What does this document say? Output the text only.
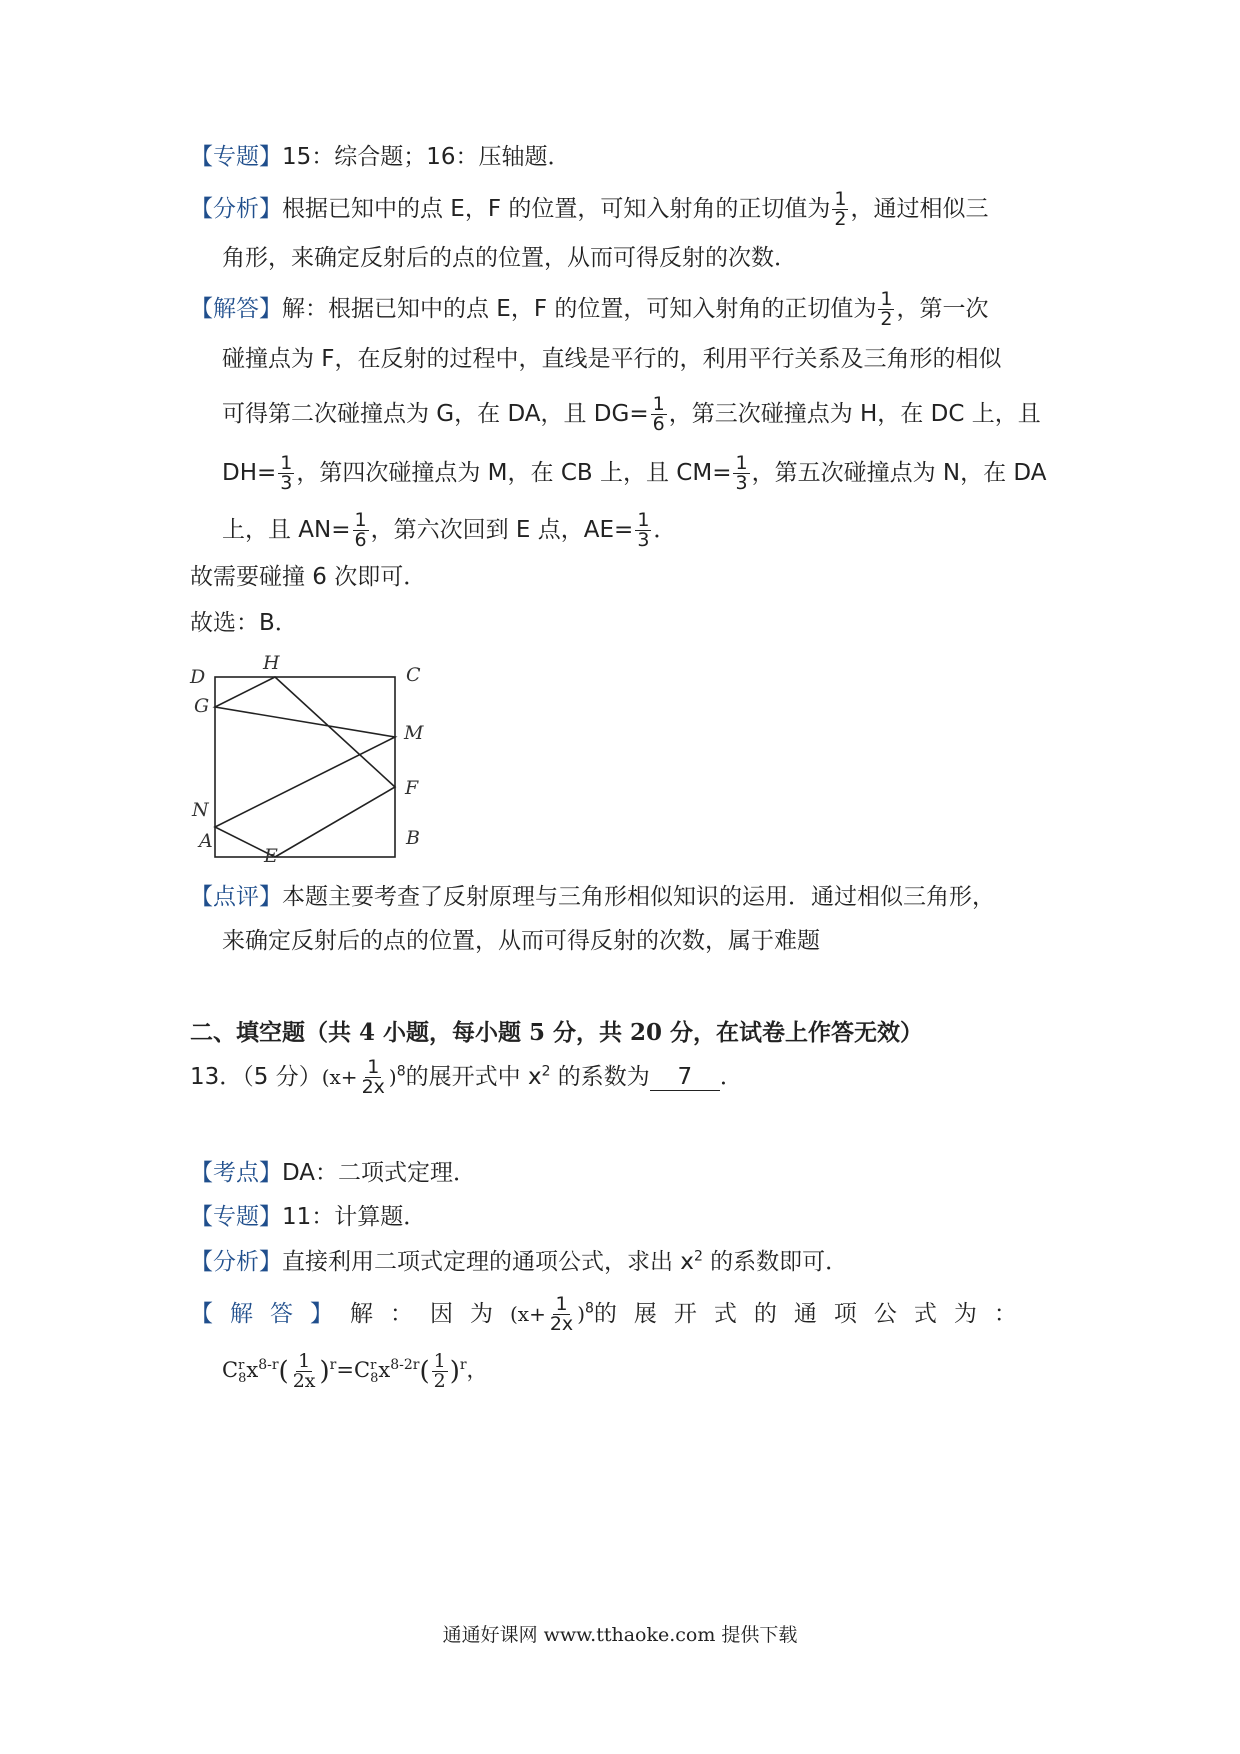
【专题】15：综合题；16：压轴题．
【分析】根据已知中的点 E，F 的位置，可知入射角的正切值为 $\frac{1}{2}$ ，通过相似三
角形，来确定反射后的点的位置，从而可得反射的次数．
【解答】解：根据已知中的点 E，F 的位置，可知入射角的正切值为 $\frac{1}{2}$ ，第一次
碰撞点为 F，在反射的过程中，直线是平行的，利用平行关系及三角形的相似
可得第二次碰撞点为 G，在 DA，且 $DG= \frac{1}{6}$ ，第三次碰撞点为 H，在 DC 上，且
$DH= \frac{1}{3}$ ，第四次碰撞点为 M，在 CB 上，且 $CM= \frac{1}{3}$ ，第五次碰撞点为 N，在 DA
上，且 $AN= \frac{1}{6}$ ，第六次回到 E 点，$AE= \frac{1}{3}$ ．
故需要碰撞 6 次即可．
故选：B．
D
H
C
G
M
F
N
A	B
E
【点评】本题主要考查了反射原理与三角形相似知识的运用．通过相似三角形，
来确定反射后的点的位置，从而可得反射的次数，属于难题
二、填空题（共 4 小题，每小题 5 分，共 20 分，在试卷上作答无效）
13．（5 分）$(x+ \frac{1}{2x} )^8$的展开式中 $x^2$ 的系数为 7 ．
【考点】DA：二项式定理．
【专题】11：计算题．
【分析】直接利用二项式定理的通项公式，求出 $x^2$ 的系数即可．
【解答】解：因为$(x+ \frac{1}{2x} )^8$的展开式的通项公式为：
C r
8 $x^{8-r}( \frac{1}{2x} )^r=C$ r
8 $x^{8-2r}( \frac{1}{2} )^r$，
通通好课网 www.tthaoke.com 提供下载
